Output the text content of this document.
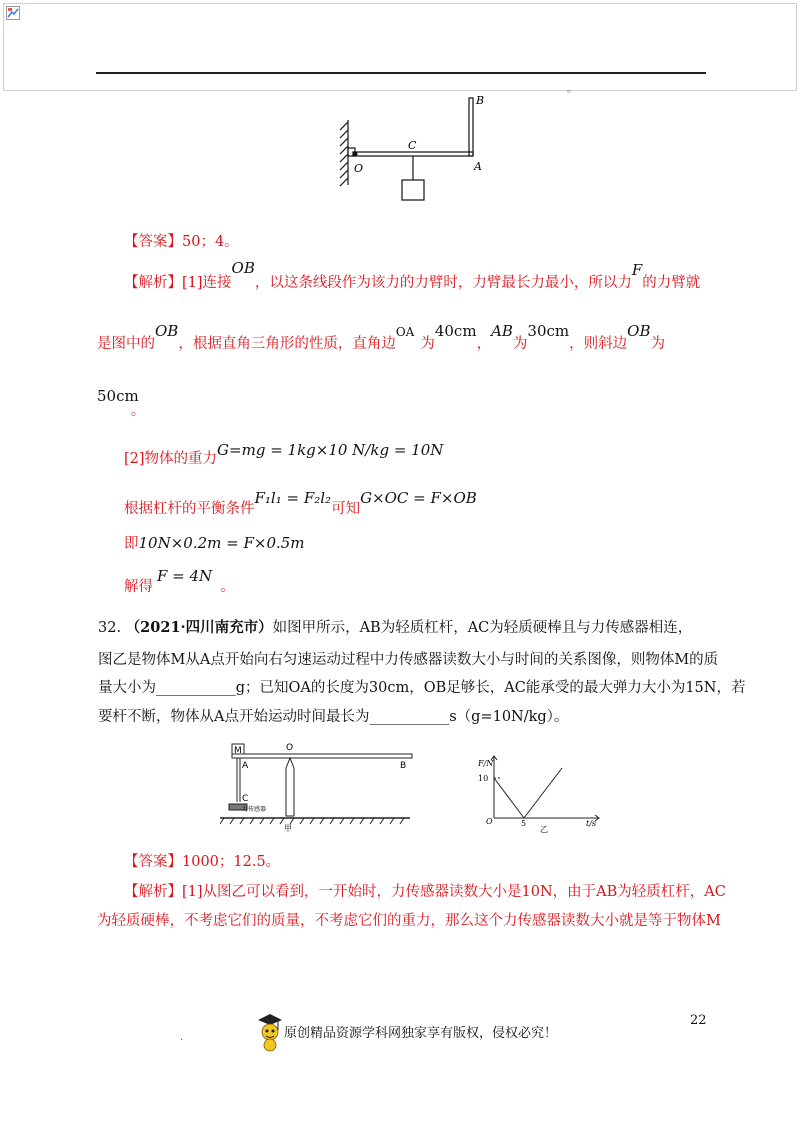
。
B
C
O	A
【答案】50；4。
【解析】[1]连接OB，以这条线段作为该力的力臂时，力臂最长力最小，所以力F的力臂就
是图中的OB，根据直角三角形的性质，直角边$^{OA}$为40cm，AB为30cm，则斜边OB为
50cm。
[2]物体的重力G=mg = 1kg×10 N/kg = 10N
根据杠杆的平衡条件F₁l₁ = F₂l₂可知G×OC = F×OB
即10N×0.2m = F×0.5m
解得F = 4N。
32. （2021·四川南充市）如图甲所示，AB为轻质杠杆，AC为轻质硬棒且与力传感器相连，
图乙是物体M从A点开始向右匀速运动过程中力传感器读数大小与时间的关系图像，则物体M的质
量大小为___________g；已知OA的长度为30cm，OB足够长，AC能承受的最大弹力大小为15N，若
要杆不断，物体从A点开始运动时间最长为___________s（g=10N/kg）。
M	O
A	B
C
力传感器
甲
F/N
10
O	5	t/s
乙
【答案】1000；12.5。
【解析】[1]从图乙可以看到，一开始时，力传感器读数大小是10N，由于AB为轻质杠杆，AC
为轻质硬棒，不考虑它们的质量，不考虑它们的重力，那么这个力传感器读数大小就是等于物体M
22
原创精品资源学科网独家享有版权，侵权必究！
.
